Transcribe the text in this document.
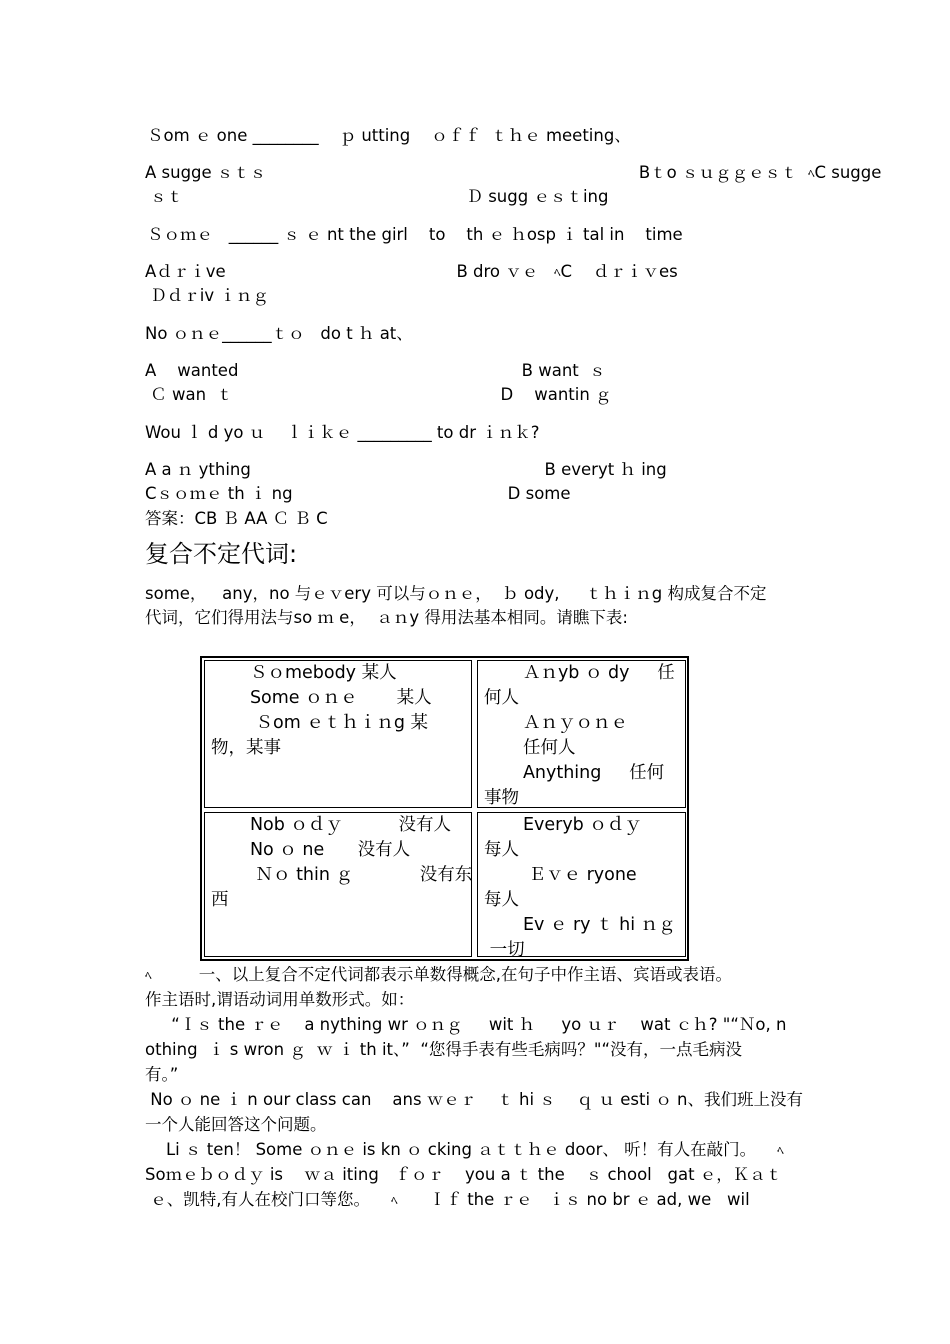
Ｓom ｅ one ________    ｐ utting    ｏｆｆ  ｔｈｅ meeting、
A sugge ｓｔｓ                                                                       Bｔo ｓｕｇｇｅｓｔ  ﾍC sugge
ｓｔ                                                      Ｄ sugg ｅｓｔing
Ｓｏｍｅ   ______ ｓ ｅ nt the girl    to    th ｅ ｈosp ｉ tal in    time
Aｄｒｉve                                            B dro ｖｅ   ﾍC    ｄｒｉｖes
Ｄｄｒiv ｉｎｇ
No ｏｎｅ______ｔｏ   do t ｈ at、
A    wanted                                                      B want  ｓ
Ｃ wan  ｔ                                                   D    wantin ｇ
Wou ｌ d yo ｕ    ｌｉｋｅ _________ to dr ｉｎｋ?
A a ｎ ything                                                        B everyt ｈ ing
Cｓｏｍｅ th ｉ ng                                         D some
答案：CB Ｂ AA Ｃ Ｂ C
复合不定代词:
some，   any，no 与ｅｖery 可以与ｏｎｅ，  ｂ ody,     ｔｈｉｎg 构成复合不定
代词，它们得用法与so ｍ e，  ａｎy 得用法基本相同。请瞧下表:
Ｓｏmebody 某人
Some ｏｎｅ       某人
Ｓom ｅｔｈｉｎg 某
物，某事
Ａｎyb ｏ dy     任
何人
Ａｎｙｏｎｅ
任何人
Anything     任何
事物
Nob ｏｄｙ          没有人
No ｏ ne      没有人
Ｎｏ thin ｇ            没有东
西
Everyb ｏｄｙ
每人
Ｅｖｅ ryone
每人
Ev ｅ ry ｔ hi ｎｇ
一切
ﾍ         一、以上复合不定代词都表示单数得概念,在句子中作主语、宾语或表语。
作主语时,谓语动词用单数形式。如：
“Ｉｓ the ｒｅ    a nything wr ｏｎｇ     wit ｈ     yo ｕｒ    wat ｃｈ? "“Ｎo, n
othing  ｉ s wron ｇ  ｗ ｉ th it、”  “您得手表有些毛病吗？"“没有，一点毛病没
有。”
No ｏ ne ｉ n our class can    ans ｗｅｒ    ｔ hi ｓ    ｑ ｕ esti ｏ n、我们班上没有
一个人能回答这个问题。
Li ｓ ten！ Some ｏｎｅ is kn ｏ cking ａｔｔｈｅ door、 听！有人在敲门。 ﾍ
Soｍｅｂｏｄｙ is    ｗａ iting   ｆｏｒ    you a ｔ the    ｓ chool   gat ｅ，Ｋａｔ
ｅ、凯特,有人在校门口等您。 ﾍ Ｉｆ the ｒｅ   ｉｓ no br ｅ ad, we   wil
